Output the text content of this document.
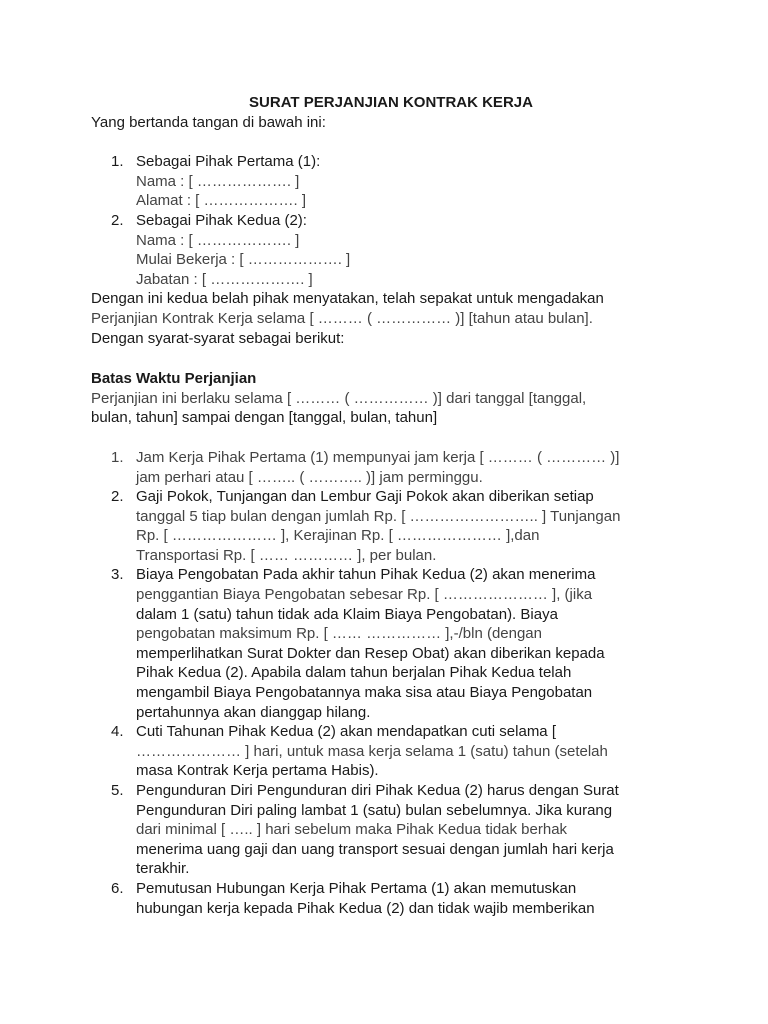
SURAT PERJANJIAN KONTRAK KERJA
Yang bertanda tangan di bawah ini:
1. Sebagai Pihak Pertama (1):
Nama : [ ………………. ]
Alamat : [ ………………. ]
2. Sebagai Pihak Kedua (2):
Nama : [ ………………. ]
Mulai Bekerja : [ ………………. ]
Jabatan : [ ………………. ]
Dengan ini kedua belah pihak menyatakan, telah sepakat untuk mengadakan
Perjanjian Kontrak Kerja selama [ ……… ( …………… )] [tahun atau bulan].
Dengan syarat-syarat sebagai berikut:
Batas Waktu Perjanjian
Perjanjian ini berlaku selama [ ……… ( …………… )] dari tanggal [tanggal,
bulan, tahun] sampai dengan [tanggal, bulan, tahun]
1. Jam Kerja Pihak Pertama (1) mempunyai jam kerja [ ……… ( ………… )]
jam perhari atau [ …….. ( ……….. )] jam perminggu.
2. Gaji Pokok, Tunjangan dan Lembur Gaji Pokok akan diberikan setiap
tanggal 5 tiap bulan dengan jumlah Rp. [ …………………….. ] Tunjangan
Rp. [ ………………… ], Kerajinan Rp. [ ………………… ],dan
Transportasi Rp. [ …… ………… ], per bulan.
3. Biaya Pengobatan Pada akhir tahun Pihak Kedua (2) akan menerima
penggantian Biaya Pengobatan sebesar Rp. [ ………………… ], (jika
dalam 1 (satu) tahun tidak ada Klaim Biaya Pengobatan). Biaya
pengobatan maksimum Rp. [ …… …………… ],-/bln (dengan
memperlihatkan Surat Dokter dan Resep Obat) akan diberikan kepada
Pihak Kedua (2). Apabila dalam tahun berjalan Pihak Kedua telah
mengambil Biaya Pengobatannya maka sisa atau Biaya Pengobatan
pertahunnya akan dianggap hilang.
4. Cuti Tahunan Pihak Kedua (2) akan mendapatkan cuti selama [
………………… ] hari, untuk masa kerja selama 1 (satu) tahun (setelah
masa Kontrak Kerja pertama Habis).
5. Pengunduran Diri Pengunduran diri Pihak Kedua (2) harus dengan Surat
Pengunduran Diri paling lambat 1 (satu) bulan sebelumnya. Jika kurang
dari minimal [ ….. ] hari sebelum maka Pihak Kedua tidak berhak
menerima uang gaji dan uang transport sesuai dengan jumlah hari kerja
terakhir.
6. Pemutusan Hubungan Kerja Pihak Pertama (1) akan memutuskan
hubungan kerja kepada Pihak Kedua (2) dan tidak wajib memberikan
